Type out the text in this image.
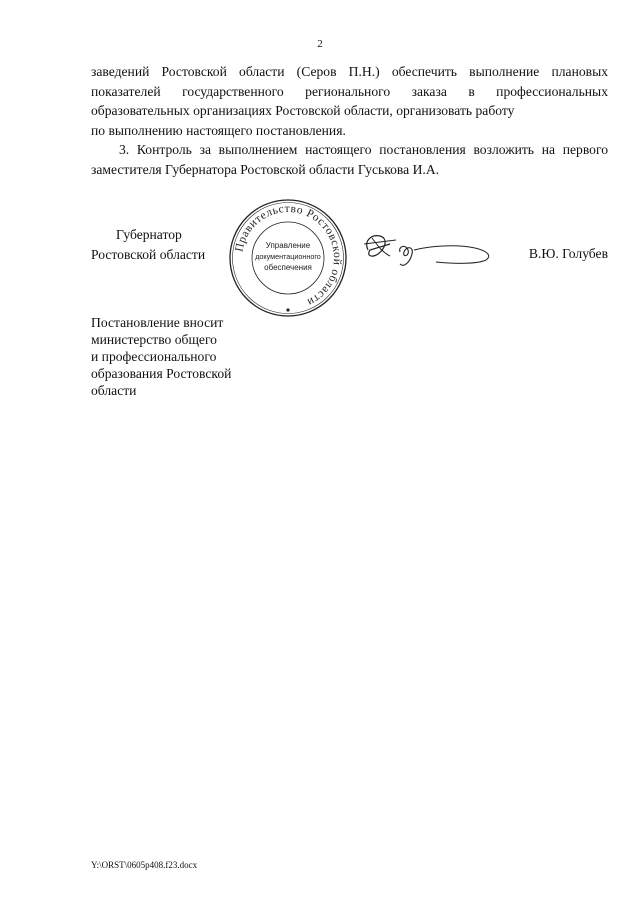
2

заведений Ростовской области (Серов П.Н.) обеспечить выполнение плановых показателей государственного регионального заказа в профессиональных образовательных организациях Ростовской области, организовать работу

по выполнению настоящего постановления.

3. Контроль за выполнением настоящего постановления возложить на первого заместителя Губернатора Ростовской области Гуськова И.А.

Губернатор
Ростовской области Правительство Ростовской области
Управление
документационного
обеспечения
В.Ю. Голубев
Постановление вносит
министерство общего
и профессионального
образования Ростовской
области
Y:\ORST\0605p408.f23.docx
